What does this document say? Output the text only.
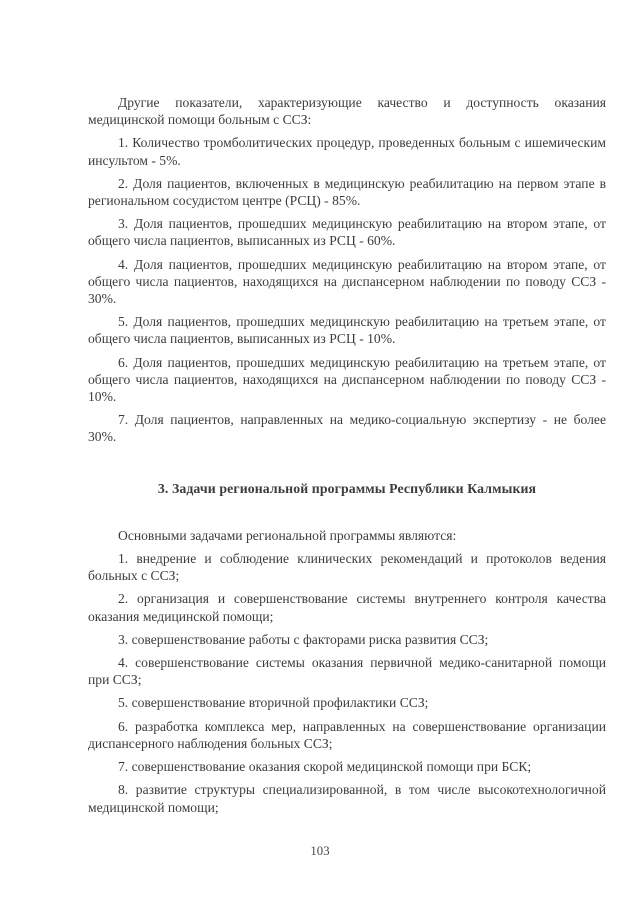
Другие показатели, характеризующие качество и доступность оказания медицинской помощи больным с ССЗ:

1. Количество тромболитических процедур, проведенных больным с ишемическим инсультом - 5%.

2. Доля пациентов, включенных в медицинскую реабилитацию на первом этапе в региональном сосудистом центре (РСЦ) - 85%.

3. Доля пациентов, прошедших медицинскую реабилитацию на втором этапе, от общего числа пациентов, выписанных из РСЦ - 60%.

4. Доля пациентов, прошедших медицинскую реабилитацию на втором этапе, от общего числа пациентов, находящихся на диспансерном наблюдении по поводу ССЗ - 30%.

5. Доля пациентов, прошедших медицинскую реабилитацию на третьем этапе, от общего числа пациентов, выписанных из РСЦ - 10%.

6. Доля пациентов, прошедших медицинскую реабилитацию на третьем этапе, от общего числа пациентов, находящихся на диспансерном наблюдении по поводу ССЗ - 10%.

7. Доля пациентов, направленных на медико-социальную экспертизу - не более 30%.

3. Задачи региональной программы Республики Калмыкия

Основными задачами региональной программы являются:

1. внедрение и соблюдение клинических рекомендаций и протоколов ведения больных с ССЗ;

2. организация и совершенствование системы внутреннего контроля качества оказания медицинской помощи;

3. совершенствование работы с факторами риска развития ССЗ;

4. совершенствование системы оказания первичной медико-санитарной помощи при ССЗ;

5. совершенствование вторичной профилактики ССЗ;

6. разработка комплекса мер, направленных на совершенствование организации диспансерного наблюдения больных ССЗ;

7. совершенствование оказания скорой медицинской помощи при БСК;

8. развитие структуры специализированной, в том числе высокотехнологичной медицинской помощи;

103
